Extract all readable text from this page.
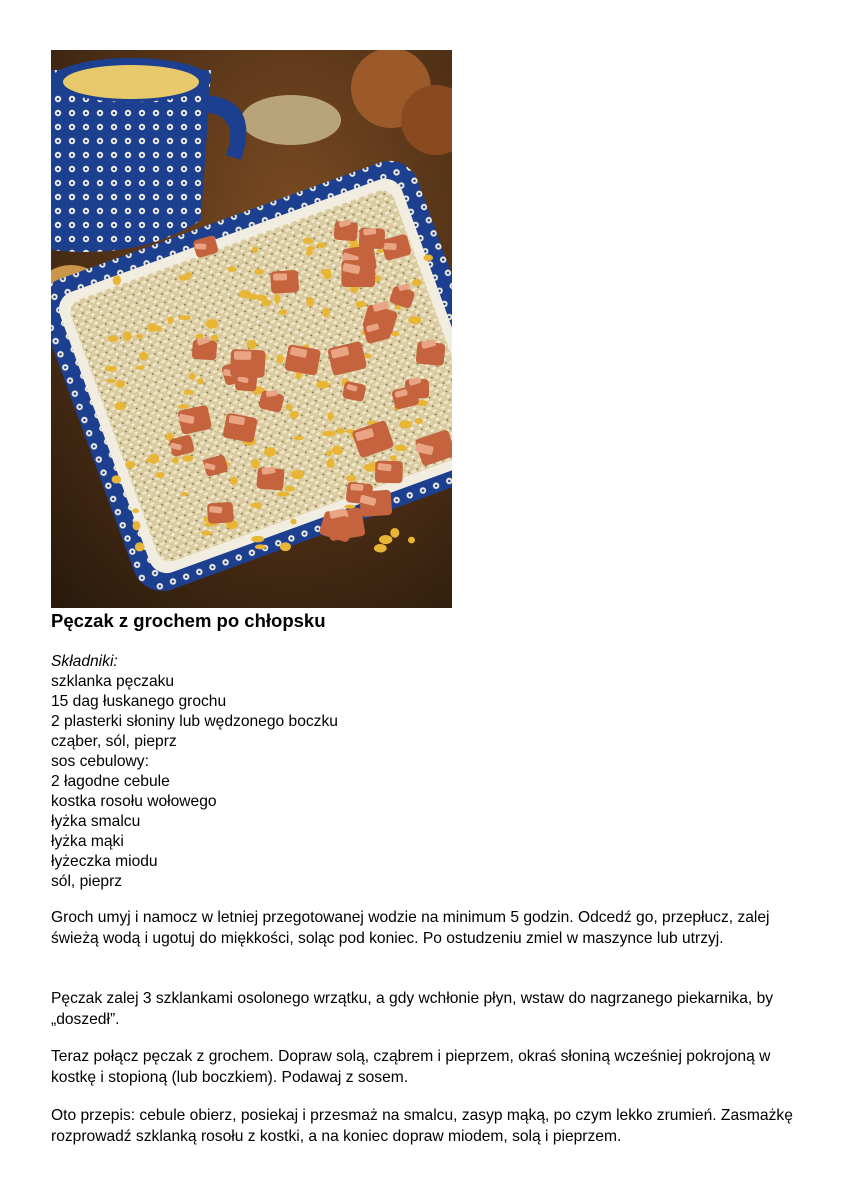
Pęczak z grochem po chłopsku
Składniki:
szklanka pęczaku
15 dag łuskanego grochu
2 plasterki słoniny lub wędzonego boczku
cząber, sól, pieprz
sos cebulowy:
2 łagodne cebule
kostka rosołu wołowego
łyżka smalcu
łyżka mąki
łyżeczka miodu
sól, pieprz

Groch umyj i namocz w letniej przegotowanej wodzie na minimum 5 godzin. Odcedź go, przepłucz, zalej świeżą wodą i ugotuj do miękkości, soląc pod koniec. Po ostudzeniu zmiel w maszynce lub utrzyj.

Pęczak zalej 3 szklankami osolonego wrzątku, a gdy wchłonie płyn, wstaw do nagrzanego piekarnika, by „doszedł”.

Teraz połącz pęczak z grochem. Dopraw solą, cząbrem i pieprzem, okraś słoniną wcześniej pokrojoną w kostkę i stopioną (lub boczkiem). Podawaj z sosem.

Oto przepis: cebule obierz, posiekaj i przesmaż na smalcu, zasyp mąką, po czym lekko zrumień. Zasmażkę rozprowadź szklanką rosołu z kostki, a na koniec dopraw miodem, solą i pieprzem.
